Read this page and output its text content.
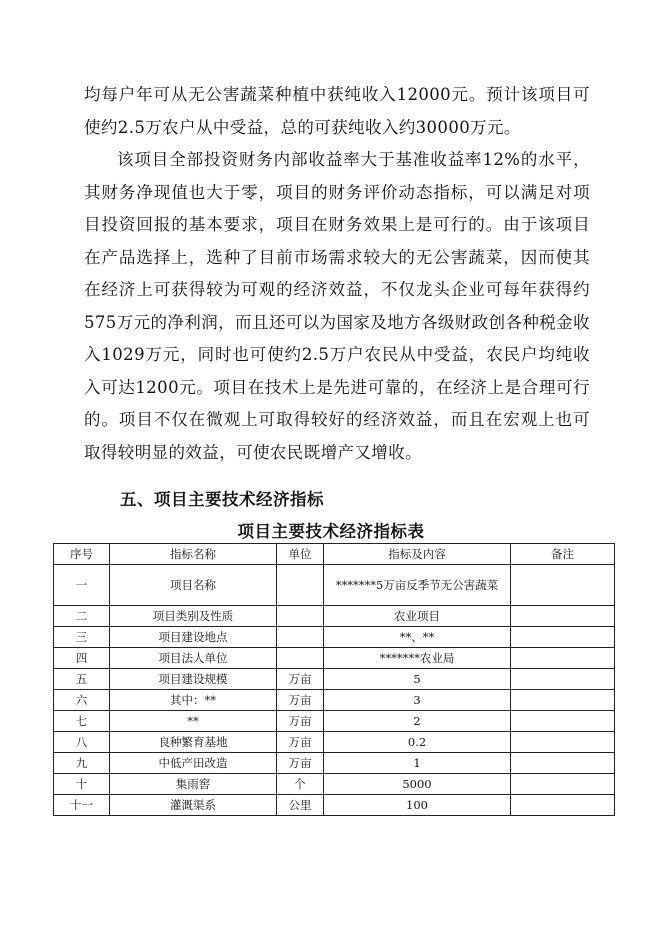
均每户年可从无公害蔬菜种植中获纯收入12000元。预计该项目可使约2.5万农户从中受益，总的可获纯收入约30000万元。
该项目全部投资财务内部收益率大于基准收益率12%的水平，其财务净现值也大于零，项目的财务评价动态指标，可以满足对项目投资回报的基本要求，项目在财务效果上是可行的。由于该项目在产品选择上，选种了目前市场需求较大的无公害蔬菜，因而使其在经济上可获得较为可观的经济效益，不仅龙头企业可每年获得约575万元的净利润，而且还可以为国家及地方各级财政创各种税金收入1029万元，同时也可使约2.5万户农民从中受益，农民户均纯收入可达1200元。项目在技术上是先进可靠的，在经济上是合理可行的。项目不仅在微观上可取得较好的经济效益，而且在宏观上也可取得较明显的效益，可使农民既增产又增收。
五、项目主要技术经济指标
项目主要技术经济指标表
序号	指标名称	单位	指标及内容	备注
一	项目名称		*******5万亩反季节无公害蔬菜	
二	项目类别及性质		农业项目	
三	项目建设地点		**、**	
四	项目法人单位		*******农业局	
五	项目建设规模	万亩	5	
六	其中：**	万亩	3	
七	**	万亩	2	
八	良种繁育基地	万亩	0.2	
九	中低产田改造	万亩	1	
十	集雨窖	个	5000	
十一	灌溉渠系	公里	100	
